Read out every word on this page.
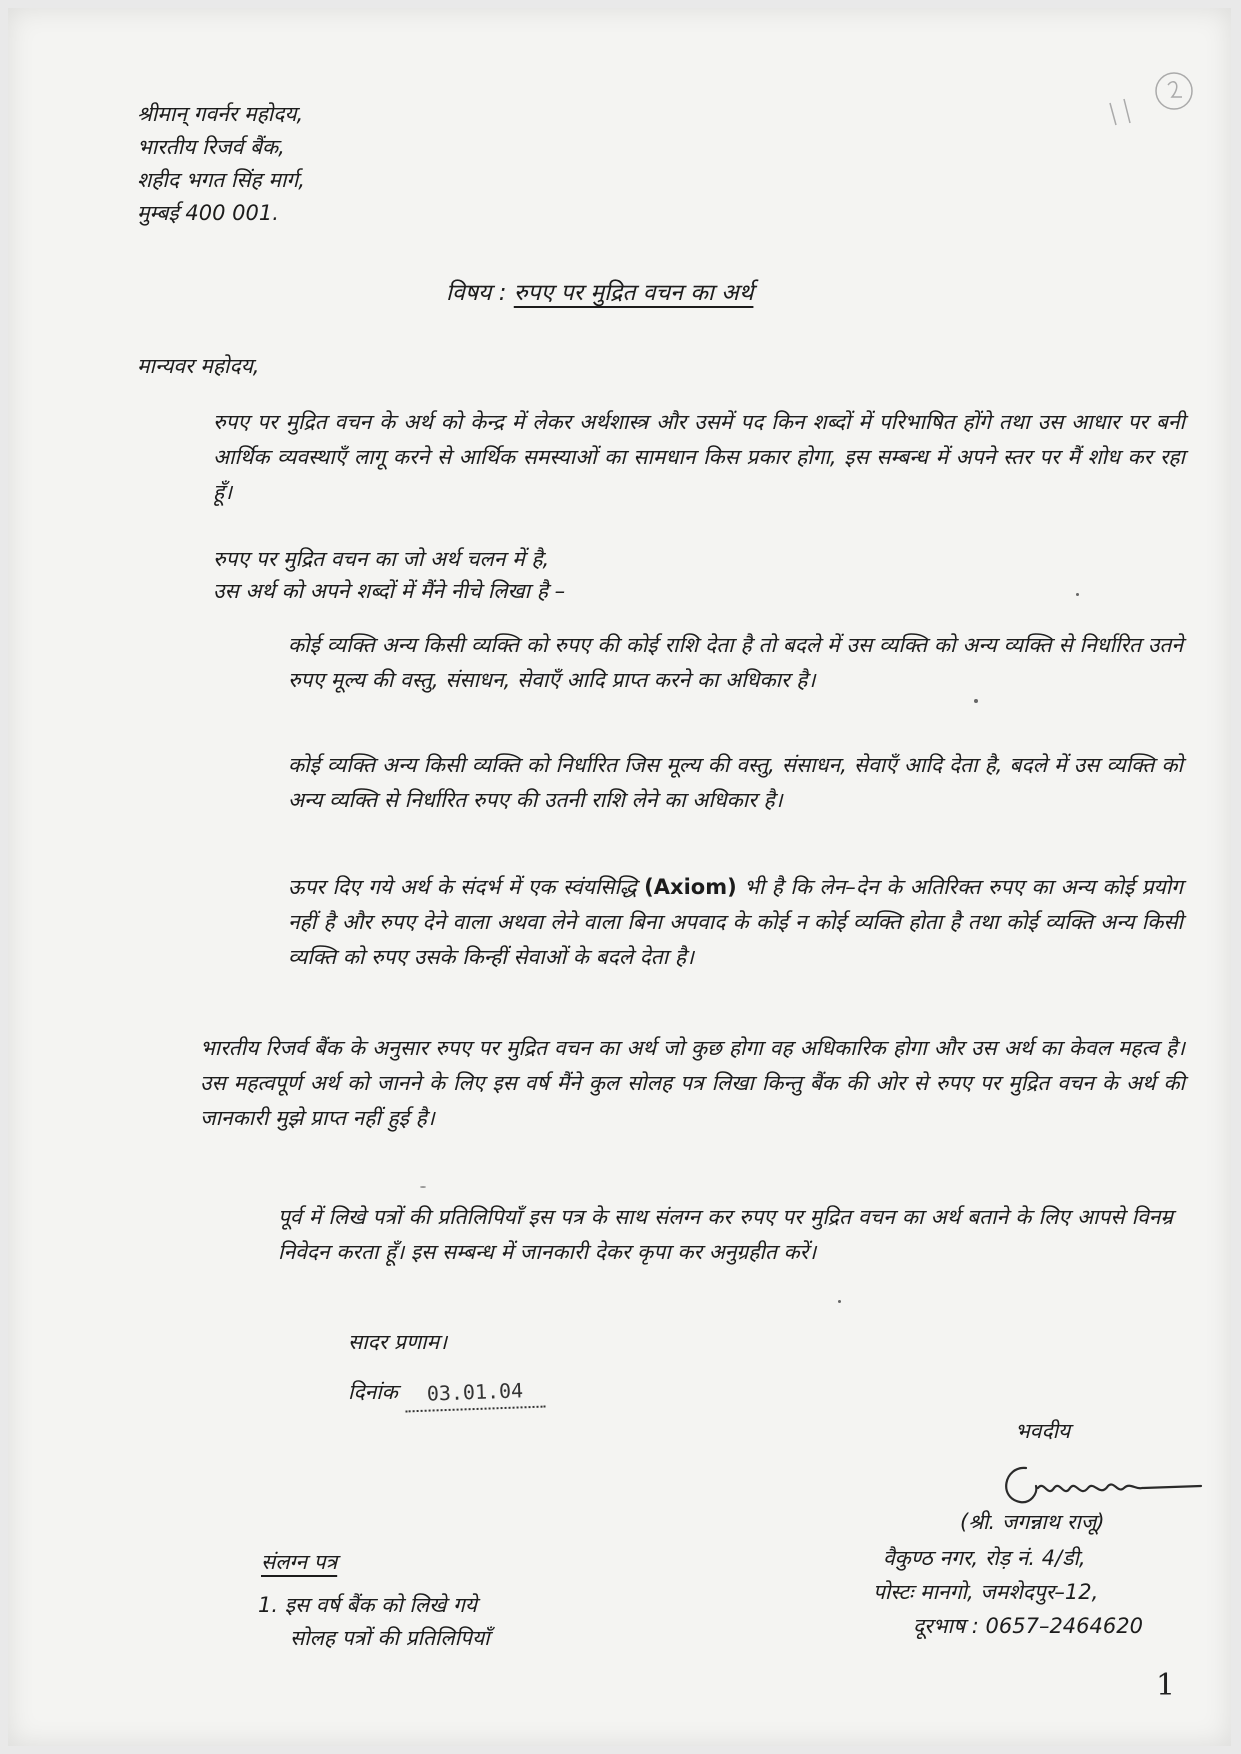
श्रीमान् गवर्नर महोदय,

भारतीय रिजर्व बैंक,

शहीद भगत सिंह मार्ग,

मुम्बई 400 001.

विषय : रुपए पर मुद्रित वचन का अर्थ

मान्यवर महोदय,

रुपए पर मुद्रित वचन के अर्थ को केन्द्र में लेकर अर्थशास्त्र और उसमें पद किन शब्दों में परिभाषित होंगे तथा उस आधार पर बनी आर्थिक व्यवस्थाएँ लागू करने से आर्थिक समस्याओं का सामधान किस प्रकार होगा, इस सम्बन्ध में अपने स्तर पर मैं शोध कर रहा हूँ।

रुपए पर मुद्रित वचन का जो अर्थ चलन में है,

उस अर्थ को अपने शब्दों में मैंने नीचे लिखा है –

कोई व्यक्ति अन्य किसी व्यक्ति को रुपए की कोई राशि देता है तो बदले में उस व्यक्ति को अन्य व्यक्ति से निर्धारित उतने रुपए मूल्य की वस्तु, संसाधन, सेवाएँ आदि प्राप्त करने का अधिकार है।

कोई व्यक्ति अन्य किसी व्यक्ति को निर्धारित जिस मूल्य की वस्तु, संसाधन, सेवाएँ आदि देता है, बदले में उस व्यक्ति को अन्य व्यक्ति से निर्धारित रुपए की उतनी राशि लेने का अधिकार है।

ऊपर दिए गये अर्थ के संदर्भ में एक स्वंयसिद्धि (Axiom) भी है कि लेन–देन के अतिरिक्त रुपए का अन्य कोई प्रयोग नहीं है और रुपए देने वाला अथवा लेने वाला बिना अपवाद के कोई न कोई व्यक्ति होता है तथा कोई व्यक्ति अन्य किसी व्यक्ति को रुपए उसके किन्हीं सेवाओं के बदले देता है।

भारतीय रिजर्व बैंक के अनुसार रुपए पर मुद्रित वचन का अर्थ जो कुछ होगा वह अधिकारिक होगा और उस अर्थ का केवल महत्व है। उस महत्वपूर्ण अर्थ को जानने के लिए इस वर्ष मैंने कुल सोलह पत्र लिखा किन्तु बैंक की ओर से रुपए पर मुद्रित वचन के अर्थ की जानकारी मुझे प्राप्त नहीं हुई है।

पूर्व में लिखे पत्रों की प्रतिलिपियाँ इस पत्र के साथ संलग्न कर रुपए पर मुद्रित वचन का अर्थ बताने के लिए आपसे विनम्र निवेदन करता हूँ। इस सम्बन्ध में जानकारी देकर कृपा कर अनुग्रहीत करें।

सादर प्रणाम।

दिनांक 03.01.04

भवदीय

(श्री. जगन्नाथ राजू)

वैकुण्ठ नगर, रोड़ नं. 4/डी,

पोस्टः मानगो, जमशेदपुर–12,

दूरभाष : 0657–2464620

संलग्न पत्र

1. इस वर्ष बैंक को लिखे गये

सोलह पत्रों की प्रतिलिपियाँ

1
